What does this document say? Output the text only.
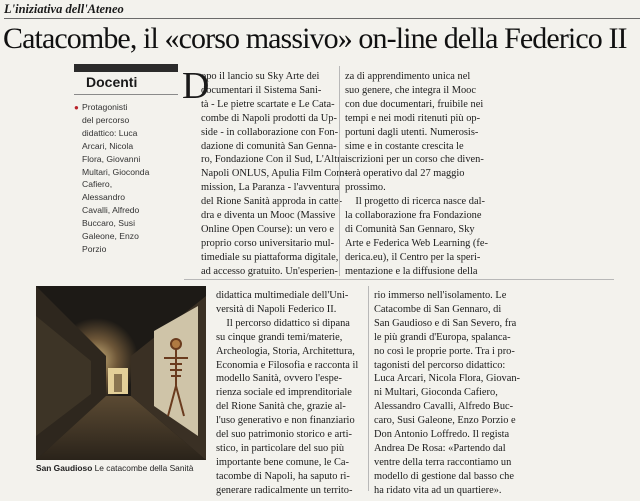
L'iniziativa dell'Ateneo
Catacombe, il «corso massivo» on-line della Federico II
Docenti
● Protagonisti
del percorso
didattico: Luca
Arcari, Nicola
Flora, Giovanni
Multari, Gioconda
Cafiero,
Alessandro
Cavalli, Alfredo
Buccaro, Susi
Galeone, Enzo
Porzio
D
opo il lancio su Sky Arte dei
documentari il Sistema Sani-
tà - Le pietre scartate e Le Cata-
combe di Napoli prodotti da Up-
side - in collaborazione con Fon-
dazione di comunità San Genna-
ro, Fondazione Con il Sud, L'Altra
Napoli ONLUS, Apulia Film Com-
mission, La Paranza - l'avventura
del Rione Sanità approda in catte-
dra e diventa un Mooc (Massive
Online Open Course): un vero e
proprio corso universitario mul-
timediale su piattaforma digitale,
ad accesso gratuito. Un'esperien-
za di apprendimento unica nel
suo genere, che integra il Mooc
con due documentari, fruibile nei
tempi e nei modi ritenuti più op-
portuni dagli utenti. Numerosis-
sime e in costante crescita le
iscrizioni per un corso che diven-
terà operativo dal 27 maggio
prossimo.
Il progetto di ricerca nasce dal-
la collaborazione fra Fondazione
di Comunità San Gennaro, Sky
Arte e Federica Web Learning (fe-
derica.eu), il Centro per la speri-
mentazione e la diffusione della
didattica multimediale dell'Uni-
versità di Napoli Federico II.
Il percorso didattico si dipana
su cinque grandi temi/materie,
Archeologia, Storia, Architettura,
Economia e Filosofia e racconta il
modello Sanità, ovvero l'espe-
rienza sociale ed imprenditoriale
del Rione Sanità che, grazie al-
l'uso generativo e non finanziario
del suo patrimonio storico e arti-
stico, in particolare del suo più
importante bene comune, le Ca-
tacombe di Napoli, ha saputo ri-
generare radicalmente un territo-
rio immerso nell'isolamento. Le
Catacombe di San Gennaro, di
San Gaudioso e di San Severo, fra
le più grandi d'Europa, spalanca-
no così le proprie porte. Tra i pro-
tagonisti del percorso didattico:
Luca Arcari, Nicola Flora, Giovan-
ni Multari, Gioconda Cafiero,
Alessandro Cavalli, Alfredo Buc-
caro, Susi Galeone, Enzo Porzio e
Don Antonio Loffredo. Il regista
Andrea De Rosa: «Partendo dal
ventre della terra raccontiamo un
modello di gestione dal basso che
ha ridato vita ad un quartiere».
San Gaudioso Le catacombe della Sanità
